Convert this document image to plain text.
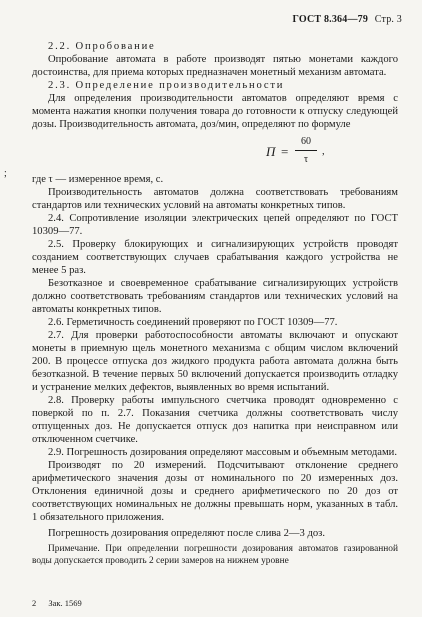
ГОСТ 8.364—79 Стр. 3

2.2. Опробование

Опробование автомата в работе производят пятью монетами каждого достоинства, для приема которых предназначен монетный механизм автомата.

2.3. Определение производительности

Для определения производительности автоматов определяют время с момента нажатия кнопки получения товара до готовности к отпуску следующей дозы. Производительность автомата, доз/мин, определяют по формуле

П =
60
τ
,
;

где τ — измеренное время, с.

Производительность автоматов должна соответствовать требованиям стандартов или технических условий на автоматы конкретных типов.

2.4. Сопротивление изоляции электрических цепей определяют по ГОСТ 10309—77.

2.5. Проверку блокирующих и сигнализирующих устройств проводят созданием соответствующих случаев срабатывания каждого устройства не менее 5 раз.

Безотказное и своевременное срабатывание сигнализирующих устройств должно соответствовать требованиям стандартов или технических условий на автоматы конкретных типов.

2.6. Герметичность соединений проверяют по ГОСТ 10309—77.

2.7. Для проверки работоспособности автоматы включают и опускают монеты в приемную щель монетного механизма с общим числом включений 200. В процессе отпуска доз жидкого продукта работа автомата должна быть безотказной. В течение первых 50 включений допускается производить отладку и устранение мелких дефектов, выявленных во время испытаний.

2.8. Проверку работы импульсного счетчика проводят одновременно с поверкой по п. 2.7. Показания счетчика должны соответствовать числу отпущенных доз. Не допускается отпуск доз напитка при неисправном или отключенном счетчике.

2.9. Погрешность дозирования определяют массовым и объемным методами.

Производят по 20 измерений. Подсчитывают отклонение среднего арифметического значения дозы от номинального по 20 измеренных доз. Отклонения единичной дозы и среднего арифметического по 20 доз от соответствующих номинальных не должны превышать норм, указанных в табл. 1 обязательного приложения.

Погрешность дозирования определяют после слива 2—3 доз.

Примечание. При определении погрешности дозирования автоматов газированной воды допускается проводить 2 серии замеров на нижнем уровне

2 Зак. 1569
